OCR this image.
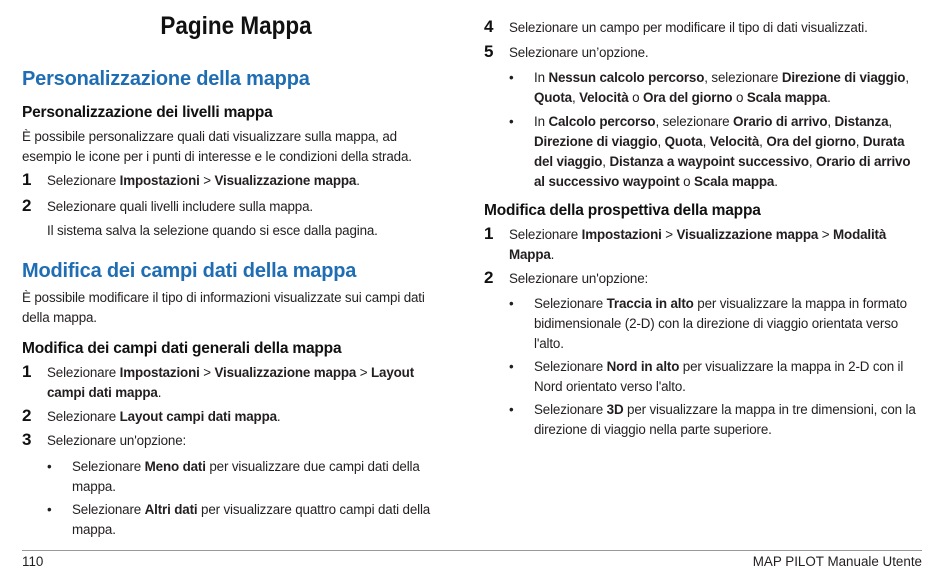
Pagine Mappa
Personalizzazione della mappa
Personalizzazione dei livelli mappa

È possibile personalizzare quali dati visualizzare sulla mappa, ad esempio le icone per i punti di interesse e le condizioni della strada.

1 Selezionare Impostazioni > Visualizzazione mappa.
2 Selezionare quali livelli includere sulla mappa.

Il sistema salva la selezione quando si esce dalla pagina.

Modifica dei campi dati della mappa

È possibile modificare il tipo di informazioni visualizzate sui campi dati della mappa.

Modifica dei campi dati generali della mappa
1 Selezionare Impostazioni > Visualizzazione mappa > Layout campi dati mappa.
2 Selezionare Layout campi dati mappa.
3 Selezionare un'opzione:
• Selezionare Meno dati per visualizzare due campi dati della mappa.
• Selezionare Altri dati per visualizzare quattro campi dati della mappa.
4 Selezionare un campo per modificare il tipo di dati visualizzati.
5 Selezionare un’opzione.
• In Nessun calcolo percorso, selezionare Direzione di viaggio, Quota, Velocità o Ora del giorno o Scala mappa.
• In Calcolo percorso, selezionare Orario di arrivo, Distanza, Direzione di viaggio, Quota, Velocità, Ora del giorno, Durata del viaggio, Distanza a waypoint successivo, Orario di arrivo al successivo waypoint o Scala mappa.
Modifica della prospettiva della mappa
1 Selezionare Impostazioni > Visualizzazione mappa > Modalità Mappa.
2 Selezionare un'opzione:
• Selezionare Traccia in alto per visualizzare la mappa in formato bidimensionale (2-D) con la direzione di viaggio orientata verso l'alto.
• Selezionare Nord in alto per visualizzare la mappa in 2-D con il Nord orientato verso l'alto.
• Selezionare 3D per visualizzare la mappa in tre dimensioni, con la direzione di viaggio nella parte superiore.
110	MAP PILOT Manuale Utente
